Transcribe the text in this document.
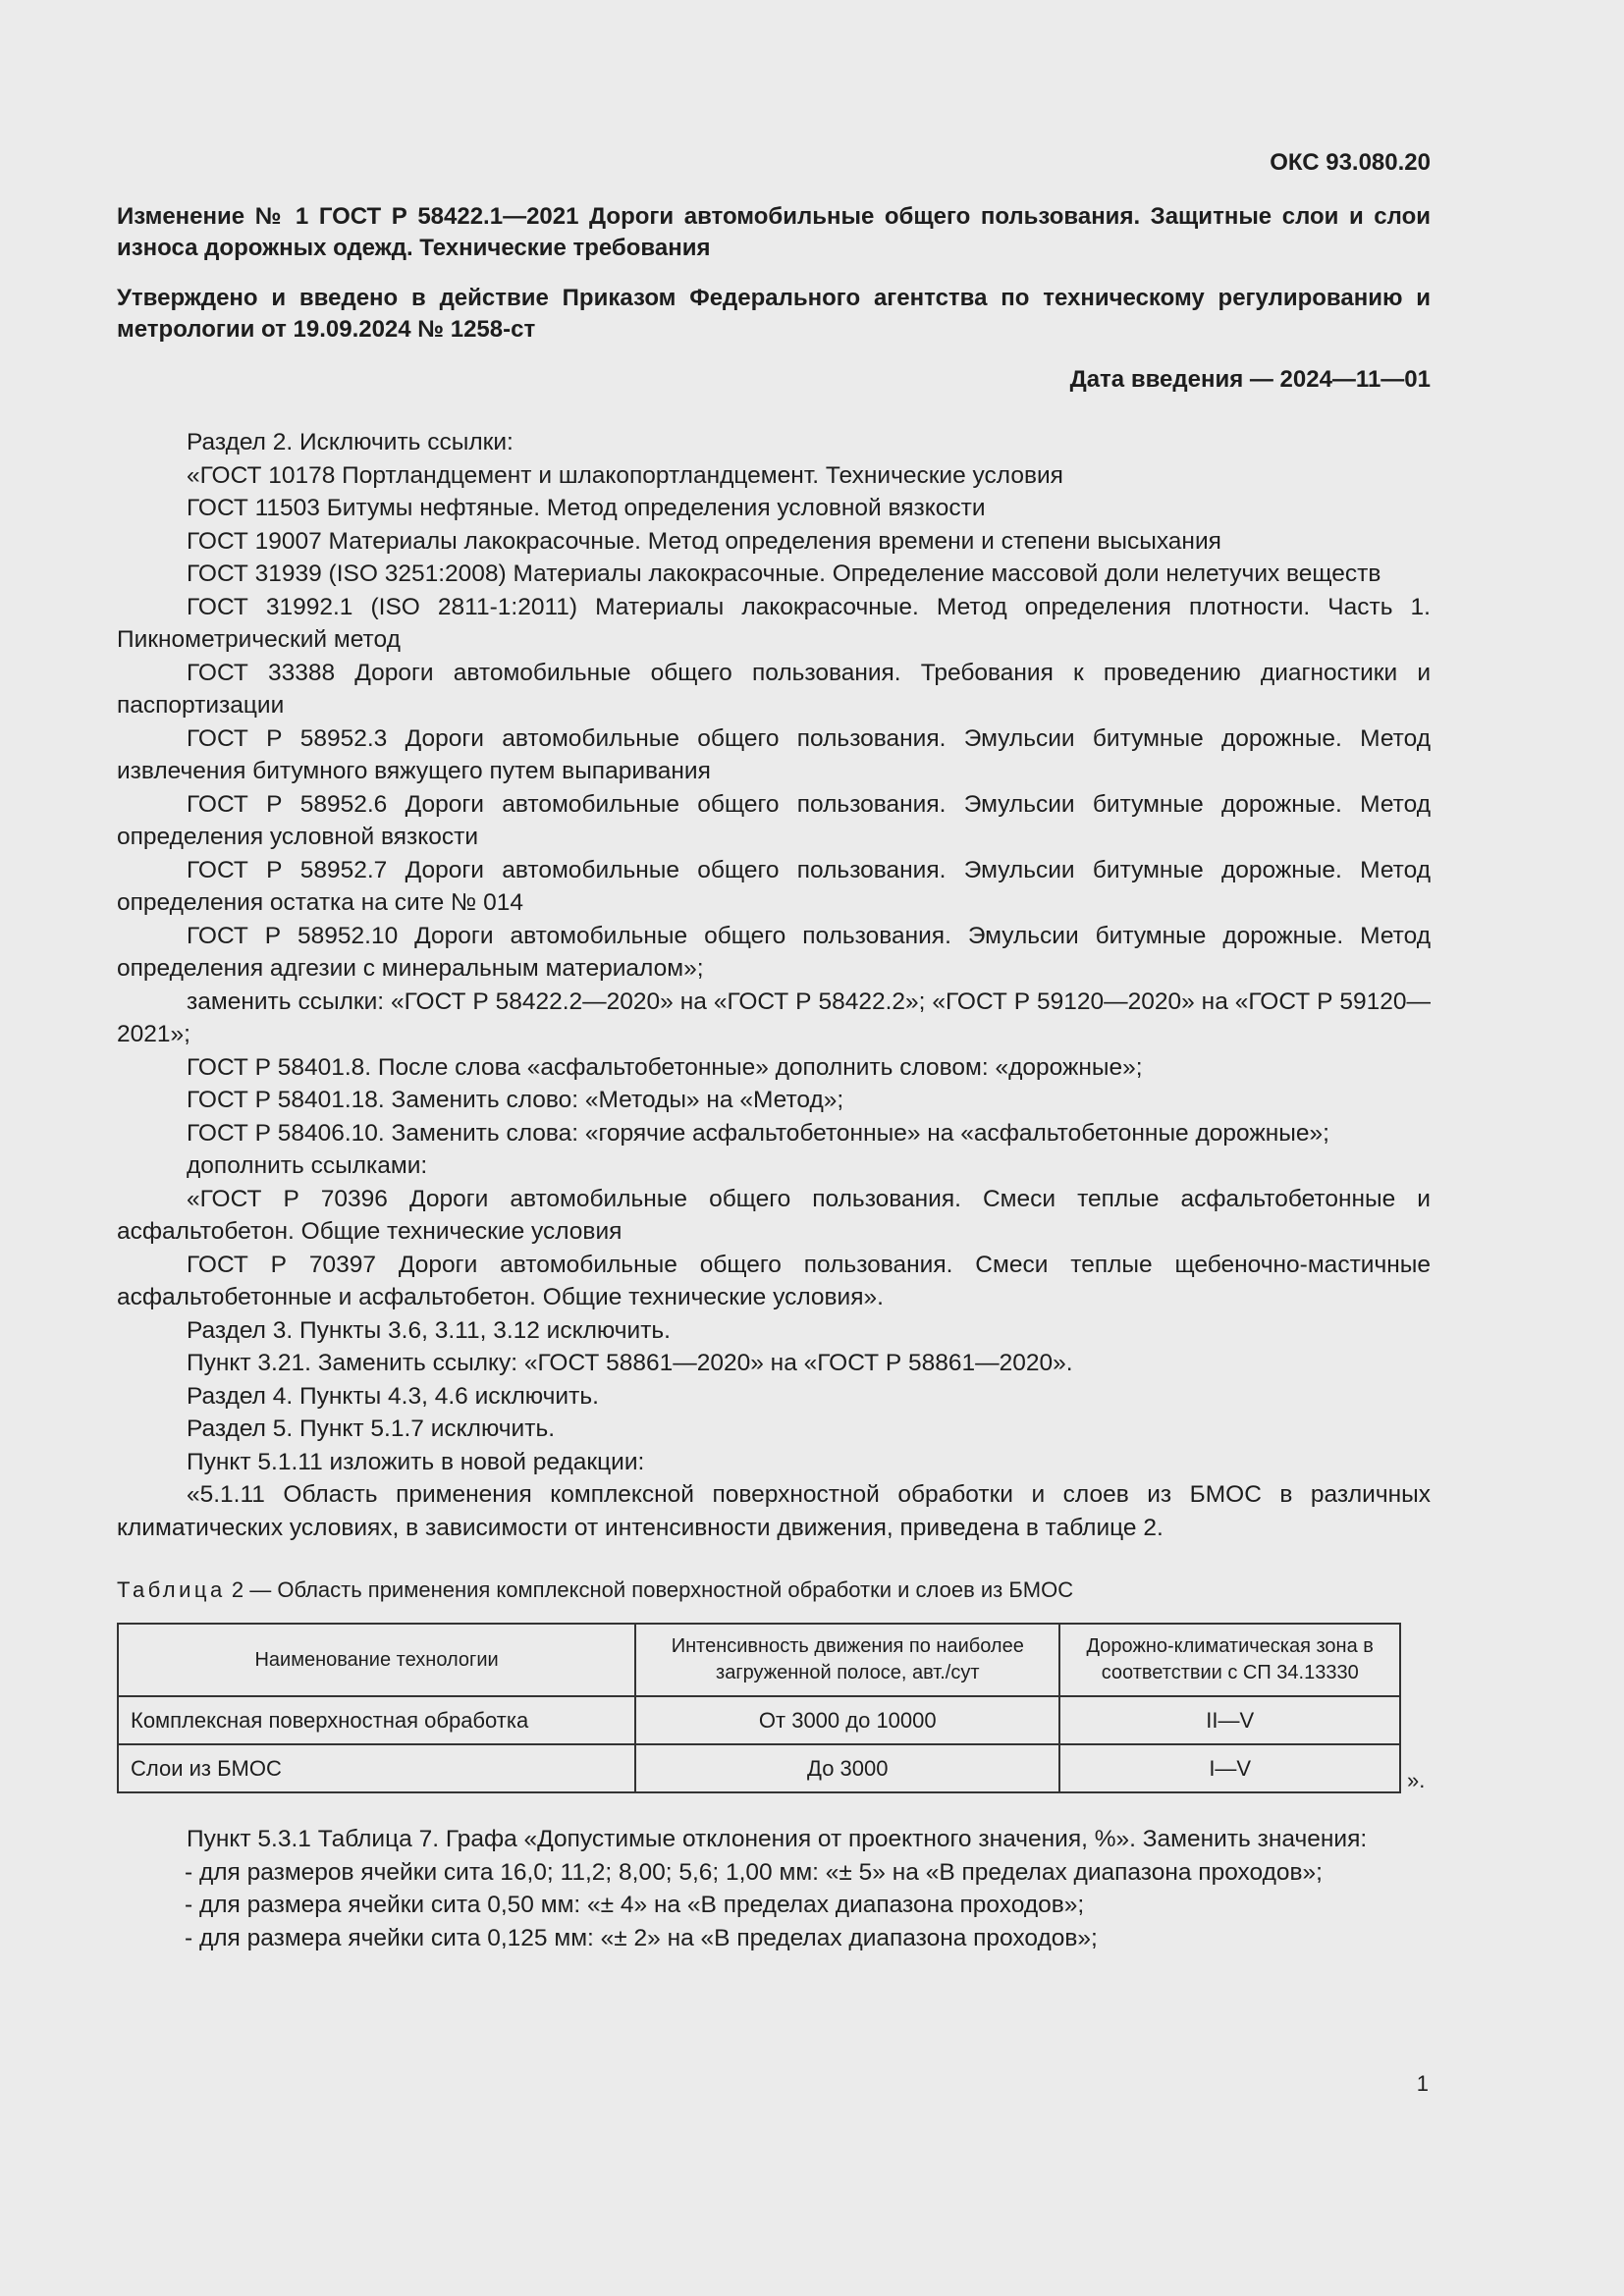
ОКС 93.080.20
Изменение № 1 ГОСТ Р 58422.1—2021 Дороги автомобильные общего пользования. Защитные слои и слои износа дорожных одежд. Технические требования
Утверждено и введено в действие Приказом Федерального агентства по техническому регулированию и метрологии от 19.09.2024 № 1258-ст
Дата введения — 2024—11—01

Раздел 2. Исключить ссылки:

«ГОСТ 10178 Портландцемент и шлакопортландцемент. Технические условия

ГОСТ 11503 Битумы нефтяные. Метод определения условной вязкости

ГОСТ 19007 Материалы лакокрасочные. Метод определения времени и степени высыхания

ГОСТ 31939 (ISO 3251:2008) Материалы лакокрасочные. Определение массовой доли нелетучих веществ

ГОСТ 31992.1 (ISO 2811-1:2011) Материалы лакокрасочные. Метод определения плотности. Часть 1. Пикнометрический метод

ГОСТ 33388 Дороги автомобильные общего пользования. Требования к проведению диагностики и паспортизации

ГОСТ Р 58952.3 Дороги автомобильные общего пользования. Эмульсии битумные дорожные. Метод извлечения битумного вяжущего путем выпаривания

ГОСТ Р 58952.6 Дороги автомобильные общего пользования. Эмульсии битумные дорожные. Метод определения условной вязкости

ГОСТ Р 58952.7 Дороги автомобильные общего пользования. Эмульсии битумные дорожные. Метод определения остатка на сите № 014

ГОСТ Р 58952.10 Дороги автомобильные общего пользования. Эмульсии битумные дорожные. Метод определения адгезии с минеральным материалом»;

заменить ссылки: «ГОСТ Р 58422.2—2020» на «ГОСТ Р 58422.2»; «ГОСТ Р 59120—2020» на «ГОСТ Р 59120—2021»;

ГОСТ Р 58401.8. После слова «асфальтобетонные» дополнить словом: «дорожные»;

ГОСТ Р 58401.18. Заменить слово: «Методы» на «Метод»;

ГОСТ Р 58406.10. Заменить слова: «горячие асфальтобетонные» на «асфальтобетонные дорожные»;

дополнить ссылками:

«ГОСТ Р 70396 Дороги автомобильные общего пользования. Смеси теплые асфальтобетонные и асфальтобетон. Общие технические условия

ГОСТ Р 70397 Дороги автомобильные общего пользования. Смеси теплые щебеночно-мастичные асфальтобетонные и асфальтобетон. Общие технические условия».

Раздел 3. Пункты 3.6, 3.11, 3.12 исключить.

Пункт 3.21. Заменить ссылку: «ГОСТ 58861—2020» на «ГОСТ Р 58861—2020».

Раздел 4. Пункты 4.3, 4.6 исключить.

Раздел 5. Пункт 5.1.7 исключить.

Пункт 5.1.11 изложить в новой редакции:

«5.1.11 Область применения комплексной поверхностной обработки и слоев из БМОС в различных климатических условиях, в зависимости от интенсивности движения, приведена в таблице 2.

Таблица 2 — Область применения комплексной поверхностной обработки и слоев из БМОС
Наименование технологии	Интенсивность движения по наиболее загруженной полосе, авт./сут	Дорожно-климатическая зона в соответствии с СП 34.13330
Комплексная поверхностная обработка	От 3000 до 10000	II—V
Слои из БМОС	До 3000	I—V	».

Пункт 5.3.1 Таблица 7. Графа «Допустимые отклонения от проектного значения, %». Заменить значения:

- для размеров ячейки сита 16,0; 11,2; 8,00; 5,6; 1,00 мм: «± 5» на «В пределах диапазона проходов»;

- для размера ячейки сита 0,50 мм: «± 4» на «В пределах диапазона проходов»;

- для размера ячейки сита 0,125 мм: «± 2» на «В пределах диапазона проходов»;

1
